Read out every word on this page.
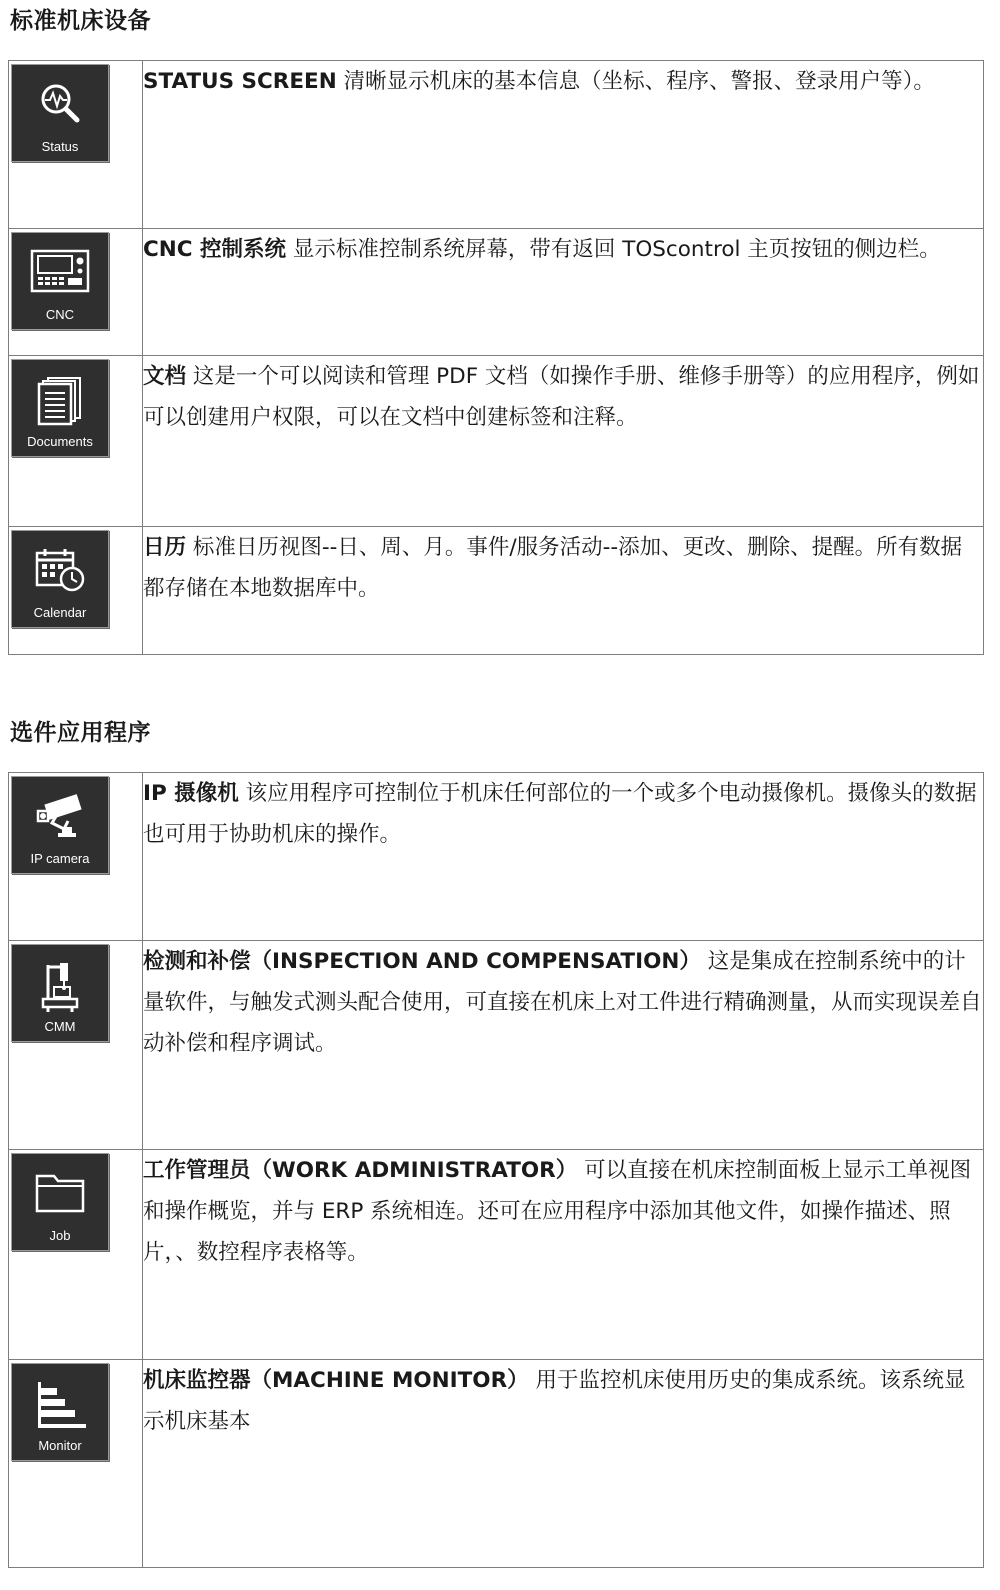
标准机床设备
Status	STATUS SCREEN 清晰显示机床的基本信息（坐标、程序、警报、登录用户等）。

CNC	CNC 控制系统 显示标准控制系统屏幕，带有返回 TOScontrol 主页按钮的侧边栏。

Documents	文档 这是一个可以阅读和管理 PDF 文档（如操作手册、维修手册等）的应用程序，例如可以创建用户权限，可以在文档中创建标签和注释。

Calendar	日历 标准日历视图--日、周、月。事件/服务活动--添加、更改、删除、提醒。所有数据都存储在本地数据库中。
选件应用程序
IP camera	IP 摄像机 该应用程序可控制位于机床任何部位的一个或多个电动摄像机。摄像头的数据也可用于协助机床的操作。

CMM	检测和补偿（INSPECTION AND COMPENSATION） 这是集成在控制系统中的计量软件，与触发式测头配合使用，可直接在机床上对工件进行精确测量，从而实现误差自动补偿和程序调试。

Job	工作管理员（WORK ADMINISTRATOR） 可以直接在机床控制面板上显示工单视图和操作概览，并与 ERP 系统相连。还可在应用程序中添加其他文件，如操作描述、照片，、数控程序表格等。

Monitor	机床监控器（MACHINE MONITOR） 用于监控机床使用历史的集成系统。该系统显示机床基本
